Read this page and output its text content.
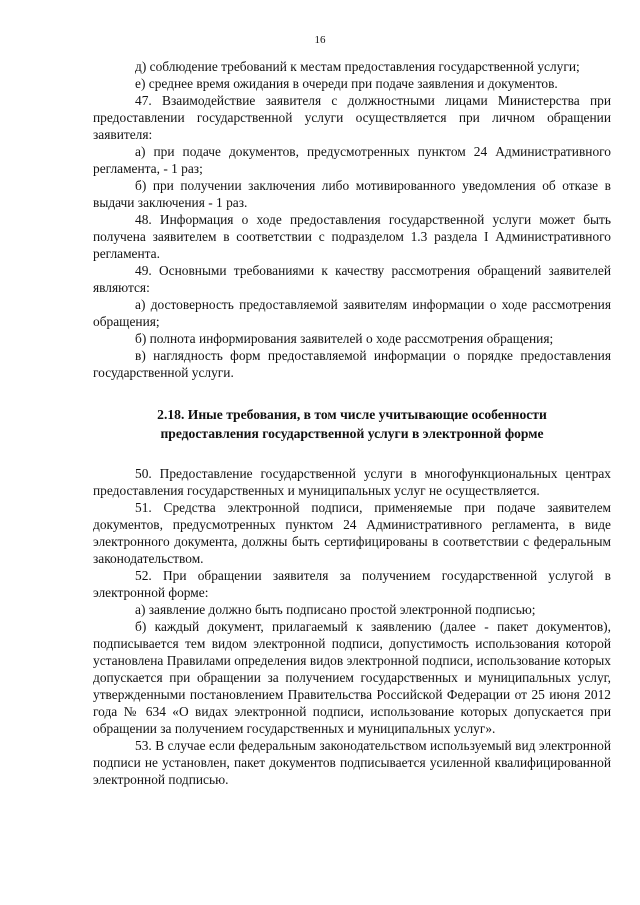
16

д) соблюдение требований к местам предоставления государственной услуги;

е) среднее время ожидания в очереди при подаче заявления и документов.

47. Взаимодействие заявителя с должностными лицами Министерства при предоставлении государственной услуги осуществляется при личном обращении заявителя:

а) при подаче документов, предусмотренных пунктом 24 Административного регламента, - 1 раз;

б) при получении заключения либо мотивированного уведомления об отказе в выдачи заключения - 1 раз.

48. Информация о ходе предоставления государственной услуги может быть получена заявителем в соответствии с подразделом 1.3 раздела I Административного регламента.

49. Основными требованиями к качеству рассмотрения обращений заявителей являются:

а) достоверность предоставляемой заявителям информации о ходе рассмотрения обращения;

б) полнота информирования заявителей о ходе рассмотрения обращения;

в) наглядность форм предоставляемой информации о порядке предоставления государственной услуги.

2.18. Иные требования, в том числе учитывающие особенности
предоставления государственной услуги в электронной форме

50. Предоставление государственной услуги в многофункциональных центрах предоставления государственных и муниципальных услуг не осуществляется.

51. Средства электронной подписи, применяемые при подаче заявителем документов, предусмотренных пунктом 24 Административного регламента, в виде электронного документа, должны быть сертифицированы в соответствии с федеральным законодательством.

52. При обращении заявителя за получением государственной услугой в электронной форме:

а) заявление должно быть подписано простой электронной подписью;

б) каждый документ, прилагаемый к заявлению (далее - пакет документов), подписывается тем видом электронной подписи, допустимость использования которой установлена Правилами определения видов электронной подписи, использование которых допускается при обращении за получением государственных и муниципальных услуг, утвержденными постановлением Правительства Российской Федерации от 25 июня 2012 года № 634 «О видах электронной подписи, использование которых допускается при обращении за получением государственных и муниципальных услуг».

53. В случае если федеральным законодательством используемый вид электронной подписи не установлен, пакет документов подписывается усиленной квалифицированной электронной подписью.
